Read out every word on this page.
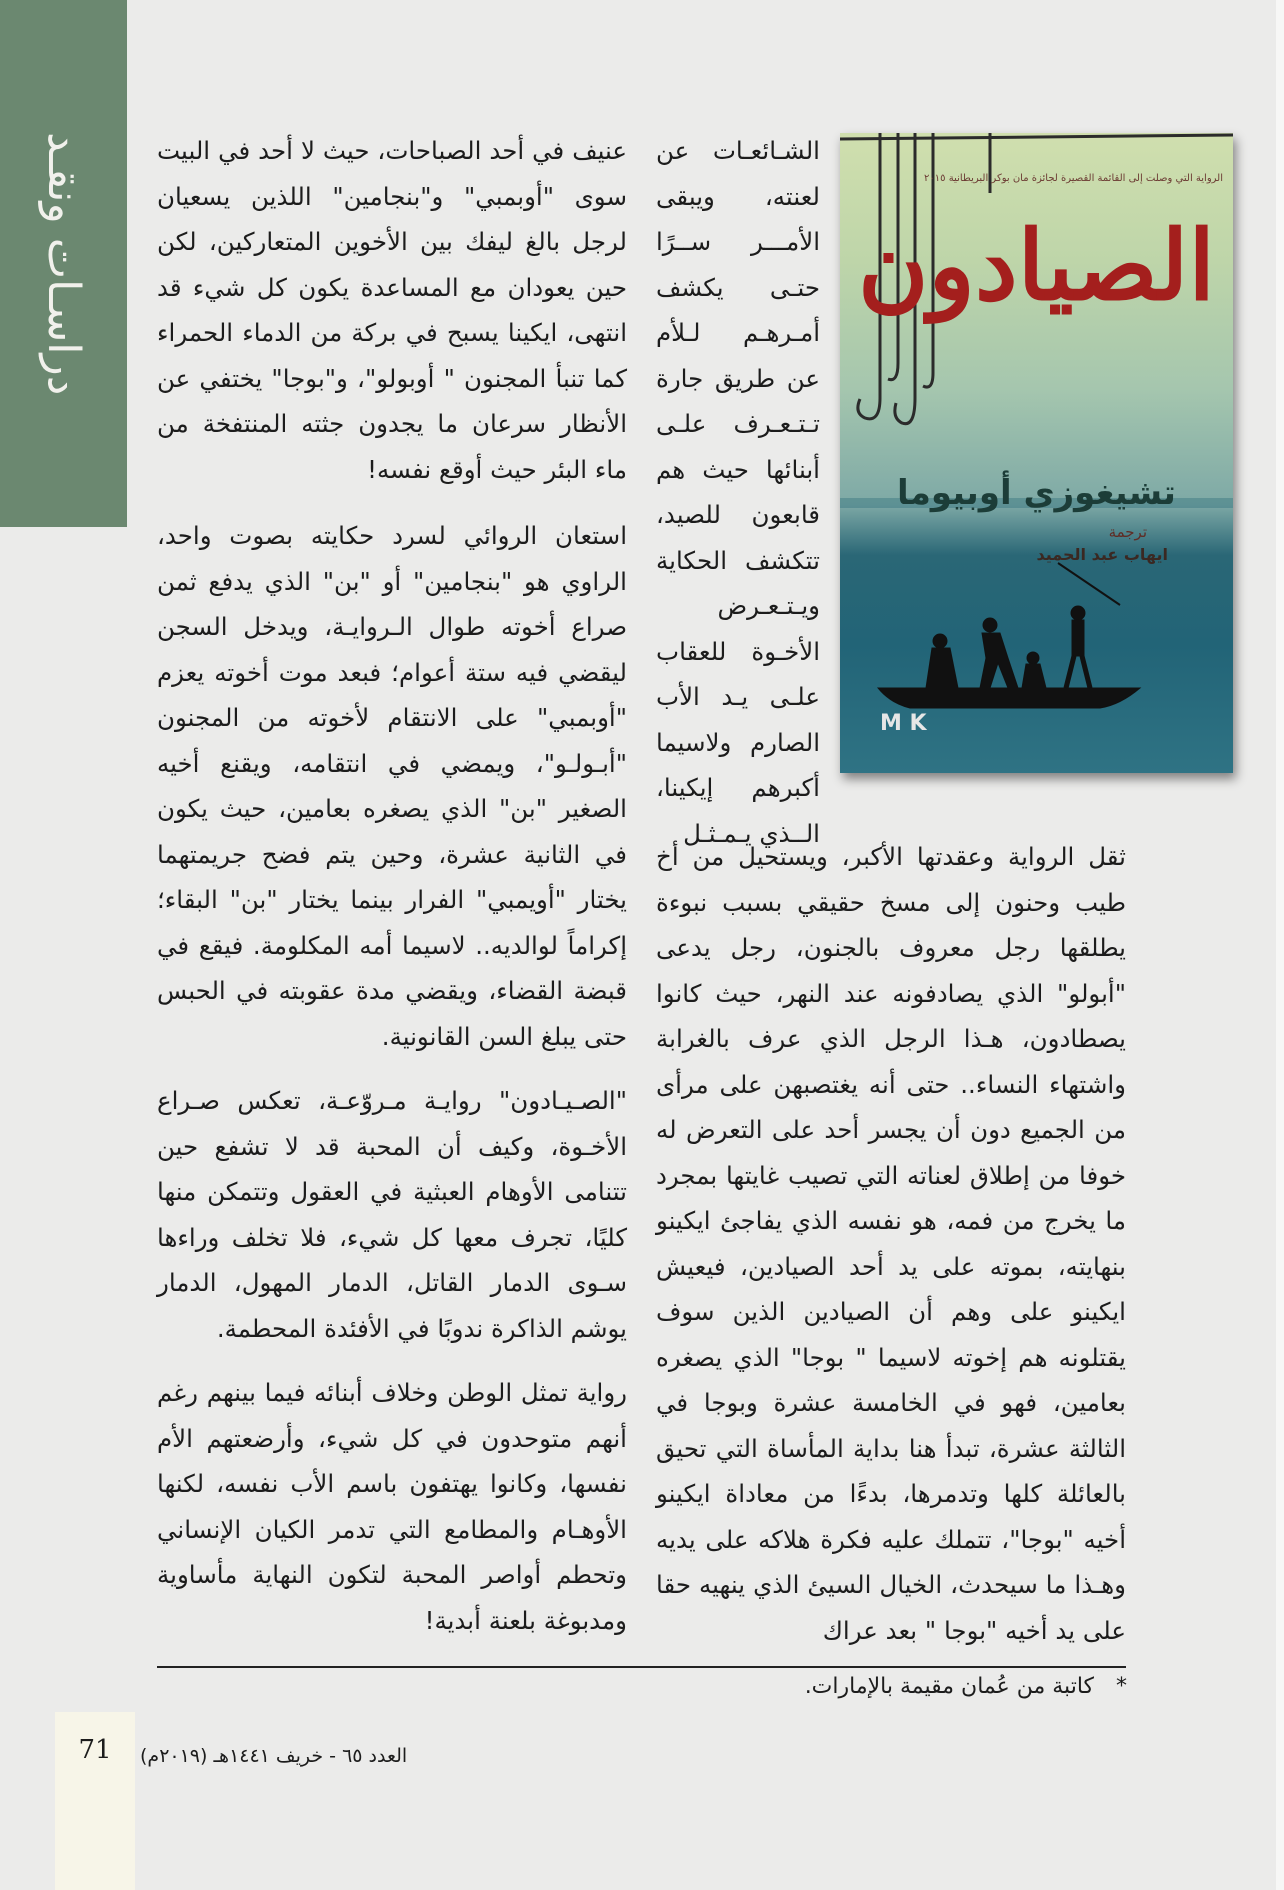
دراسـات ونقـد	الرواية التي وصلت إلى القائمة القصيرة لجائزة مان بوكر البريطانية ٢٠١٥
الصيادون
تشيغوزي أوبيوما
ترجمة
ايهاب عبد الحميد
M K

الشـائعـات عن لعنته، ويبقى الأمـــر ســرًا حتـى يكشف أمـرهـم لـلأم عن طريق جارة تـتـعـرف علـى أبنائها حيث هم قابعون للصيد، تتكشف الحكاية ويـتـعـرض الأخـوة للعقاب علـى يـد الأب الصارم ولاسيما أكبرهم إيكينا، الــذي يـمـثـل

ثقل الرواية وعقدتها الأكبر، ويستحيل من أخ طيب وحنون إلى مسخ حقيقي بسبب نبوءة يطلقها رجل معروف بالجنون، رجل يدعى "أبولو" الذي يصادفونه عند النهر، حيث كانوا يصطادون، هـذا الرجل الذي عرف بالغرابة واشتهاء النساء.. حتى أنه يغتصبهن على مرأى من الجميع دون أن يجسر أحد على التعرض له خوفا من إطلاق لعناته التي تصيب غايتها بمجرد ما يخرج من فمه، هو نفسه الذي يفاجئ ايكينو بنهايته، بموته على يد أحد الصيادين، فيعيش ايكينو على وهم أن الصيادين الذين سوف يقتلونه هم إخوته لاسيما " بوجا" الذي يصغره بعامين، فهو في الخامسة عشرة وبوجا في الثالثة عشرة، تبدأ هنا بداية المأساة التي تحيق بالعائلة كلها وتدمرها، بدءًا من معاداة ايكينو أخيه "بوجا"، تتملك عليه فكرة هلاكه على يديه وهـذا ما سيحدث، الخيال السيئ الذي ينهيه حقا على يد أخيه "بوجا " بعد عراك

عنيف في أحد الصباحات، حيث لا أحد في البيت سوى "أوبمبي" و"بنجامين" اللذين يسعيان لرجل بالغ ليفك بين الأخوين المتعاركين، لكن حين يعودان مع المساعدة يكون كل شيء قد انتهى، ايكينا يسبح في بركة من الدماء الحمراء كما تنبأ المجنون " أوبولو"، و"بوجا" يختفي عن الأنظار سرعان ما يجدون جثته المنتفخة من ماء البئر حيث أوقع نفسه!

استعان الروائي لسرد حكايته بصوت واحد، الراوي هو "بنجامين" أو "بن" الذي يدفع ثمن صراع أخوته طوال الـروايـة، ويدخل السجن ليقضي فيه ستة أعوام؛ فبعد موت أخوته يعزم "أوبمبي" على الانتقام لأخوته من المجنون "أبـولـو"، ويمضي في انتقامه، ويقنع أخيه الصغير "بن" الذي يصغره بعامين، حيث يكون في الثانية عشرة، وحين يتم فضح جريمتهما يختار "أويمبي" الفرار بينما يختار "بن" البقاء؛ إكراماً لوالديه.. لاسيما أمه المكلومة. فيقع في قبضة القضاء، ويقضي مدة عقوبته في الحبس حتى يبلغ السن القانونية.

"الصـيـادون" روايـة مـروّعـة، تعكس صـراع الأخـوة، وكيف أن المحبة قد لا تشفع حين تتنامى الأوهام العبثية في العقول وتتمكن منها كليًا، تجرف معها كل شيء، فلا تخلف وراءها سـوى الدمار القاتل، الدمار المهول، الدمار يوشم الذاكرة ندوبًا في الأفئدة المحطمة.

رواية تمثل الوطن وخلاف أبنائه فيما بينهم رغم أنهم متوحدون في كل شيء، وأرضعتهم الأم نفسها، وكانوا يهتفون باسم الأب نفسه، لكنها الأوهـام والمطامع التي تدمر الكيان الإنساني وتحطم أواصر المحبة لتكون النهاية مأساوية ومدبوغة بلعنة أبدية!

*كاتبة من عُمان مقيمة بالإمارات.
71	العدد ٦٥ - خريف ١٤٤١هـ (٢٠١٩م)
